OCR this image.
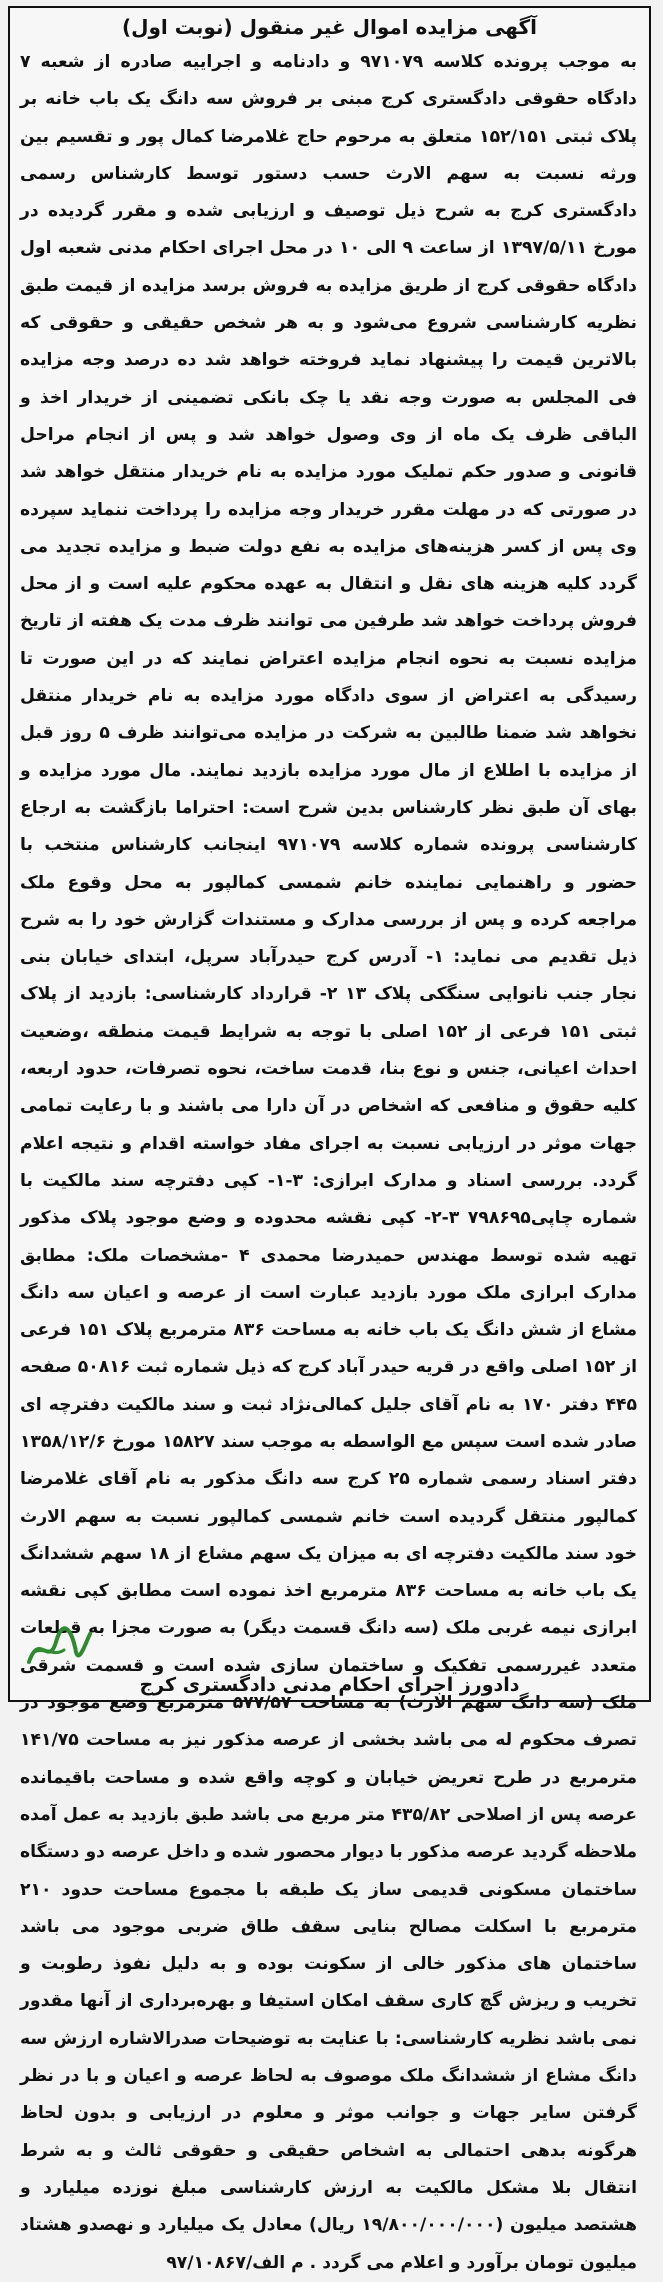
آگهی مزایده اموال غیر منقول (نوبت اول)

به موجب پرونده کلاسه ۹۷۱۰۷۹ و دادنامه و اجراییه صادره از شعبه ۷ دادگاه حقوقی دادگستری کرج مبنی بر فروش سه دانگ یک باب خانه بر پلاک ثبتی ۱۵۲/۱۵۱ متعلق به مرحوم حاج غلامرضا کمال پور و تقسیم بین ورثه نسبت به سهم الارث حسب دستور توسط کارشناس رسمی دادگستری کرج به شرح ذیل توصیف و ارزیابی شده و مقرر گردیده در مورخ ۱۳۹۷/۵/۱۱ از ساعت ۹ الی ۱۰ در محل اجرای احکام مدنی شعبه اول دادگاه حقوقی کرج از طریق مزایده به فروش برسد مزایده از قیمت طبق نظریه کارشناسی شروع می‌شود و به هر شخص حقیقی و حقوقی که بالاترین قیمت را پیشنهاد نماید فروخته خواهد شد ده درصد وجه مزایده فی المجلس به صورت وجه نقد یا چک بانکی تضمینی از خریدار اخذ و الباقی ظرف یک ماه از وی وصول خواهد شد و پس از انجام مراحل قانونی و صدور حکم تملیک مورد مزایده به نام خریدار منتقل خواهد شد در صورتی که در مهلت مقرر خریدار وجه مزایده را پرداخت ننماید سپرده وی پس از کسر هزینه‌های مزایده به نفع دولت ضبط و مزایده تجدید می گردد کلیه هزینه های نقل و انتقال به عهده محکوم علیه است و از محل فروش پرداخت خواهد شد طرفین می توانند ظرف مدت یک هفته از تاریخ مزایده نسبت به نحوه انجام مزایده اعتراض نمایند که در این صورت تا رسیدگی به اعتراض از سوی دادگاه مورد مزایده به نام خریدار منتقل نخواهد شد ضمنا طالبین به شرکت در مزایده می‌توانند ظرف ۵ روز قبل از مزایده با اطلاع از مال مورد مزایده بازدید نمایند. مال مورد مزایده و بهای آن طبق نظر کارشناس بدین شرح است: احتراما بازگشت به ارجاع کارشناسی پرونده شماره کلاسه ۹۷۱۰۷۹ اینجانب کارشناس منتخب با حضور و راهنمایی نماینده خانم شمسی کمالپور به محل وقوع ملک مراجعه کرده و پس از بررسی مدارک و مستندات گزارش خود را به شرح ذیل تقدیم می نماید: ۱- آدرس کرج حیدرآباد سرپل، ابتدای خیابان بنی نجار جنب نانوایی سنگکی پلاک ۱۳ ۲- قرارداد کارشناسی: بازدید از پلاک ثبتی ۱۵۱ فرعی از ۱۵۲ اصلی با توجه به شرایط قیمت منطقه ،وضعیت احداث اعیانی، جنس و نوع بنا، قدمت ساخت، نحوه تصرفات، حدود اربعه، کلیه حقوق و منافعی که اشخاص در آن دارا می باشند و با رعایت تمامی جهات موثر در ارزیابی نسبت به اجرای مفاد خواسته اقدام و نتیجه اعلام گردد. بررسی اسناد و مدارک ابرازی: ۳-۱- کپی دفترچه سند مالکیت با شماره چاپی۷۹۸۶۹۵ ۳-۲- کپی نقشه محدوده و وضع موجود پلاک مذکور تهیه شده توسط مهندس حمیدرضا محمدی ۴ -مشخصات ملک: مطابق مدارک ابرازی ملک مورد بازدید عبارت است از عرصه و اعیان سه دانگ مشاع از شش دانگ یک باب خانه به مساحت ۸۳۶ مترمربع پلاک ۱۵۱ فرعی از ۱۵۲ اصلی واقع در قریه حیدر آباد کرج که ذیل شماره ثبت ۵۰۸۱۶ صفحه ۴۴۵ دفتر ۱۷۰ به نام آقای جلیل کمالی‌نژاد ثبت و سند مالکیت دفترچه ای صادر شده است سپس مع الواسطه به موجب سند ۱۵۸۲۷ مورخ ۱۳۵۸/۱۲/۶ دفتر اسناد رسمی شماره ۲۵ کرج سه دانگ مذکور به نام آقای غلامرضا کمالپور منتقل گردیده است خانم شمسی کمالپور نسبت به سهم الارث خود سند مالکیت دفترچه ای به میزان یک سهم مشاع از ۱۸ سهم ششدانگ یک باب خانه به مساحت ۸۳۶ مترمربع اخذ نموده است مطابق کپی نقشه ابرازی نیمه غربی ملک (سه دانگ قسمت دیگر) به صورت مجزا به قطعات متعدد غیررسمی تفکیک و ساختمان سازی شده است و قسمت شرقی ملک (سه دانگ سهم الارث) به مساحت ۵۷۷/۵۷ مترمربع وضع موجود در تصرف محکوم له می باشد بخشی از عرصه مذکور نیز به مساحت ۱۴۱/۷۵ مترمربع در طرح تعریض خیابان و کوچه واقع شده و مساحت باقیمانده عرصه پس از اصلاحی ۴۳۵/۸۲ متر مربع می باشد طبق بازدید به عمل آمده ملاحظه گردید عرصه مذکور با دیوار محصور شده و داخل عرصه دو دستگاه ساختمان مسکونی قدیمی ساز یک طبقه با مجموع مساحت حدود ۲۱۰ مترمربع با اسکلت مصالح بنایی سقف طاق ضربی موجود می باشد ساختمان های مذکور خالی از سکونت بوده و به دلیل نفوذ رطوبت و تخریب و ریزش گچ کاری سقف امکان استیفا و بهره‌برداری از آنها مقدور نمی باشد نظریه کارشناسی: با عنایت به توضیحات صدرالاشاره ارزش سه دانگ مشاع از ششدانگ ملک موصوف به لحاظ عرصه و اعیان و با در نظر گرفتن سایر جهات و جوانب موثر و معلوم در ارزیابی و بدون لحاظ هرگونه بدهی احتمالی به اشخاص حقیقی و حقوقی ثالث و به شرط انتقال بلا مشکل مالکیت به ارزش کارشناسی مبلغ نوزده میلیارد و هشتصد میلیون (۱۹/۸۰۰/۰۰۰/۰۰۰ ریال) معادل یک میلیارد و نهصدو هشتاد میلیون تومان برآورد و اعلام می گردد . م الف/۹۷/۱۰۸۶۷

دادورز اجرای احکام مدنی دادگستری کرج
